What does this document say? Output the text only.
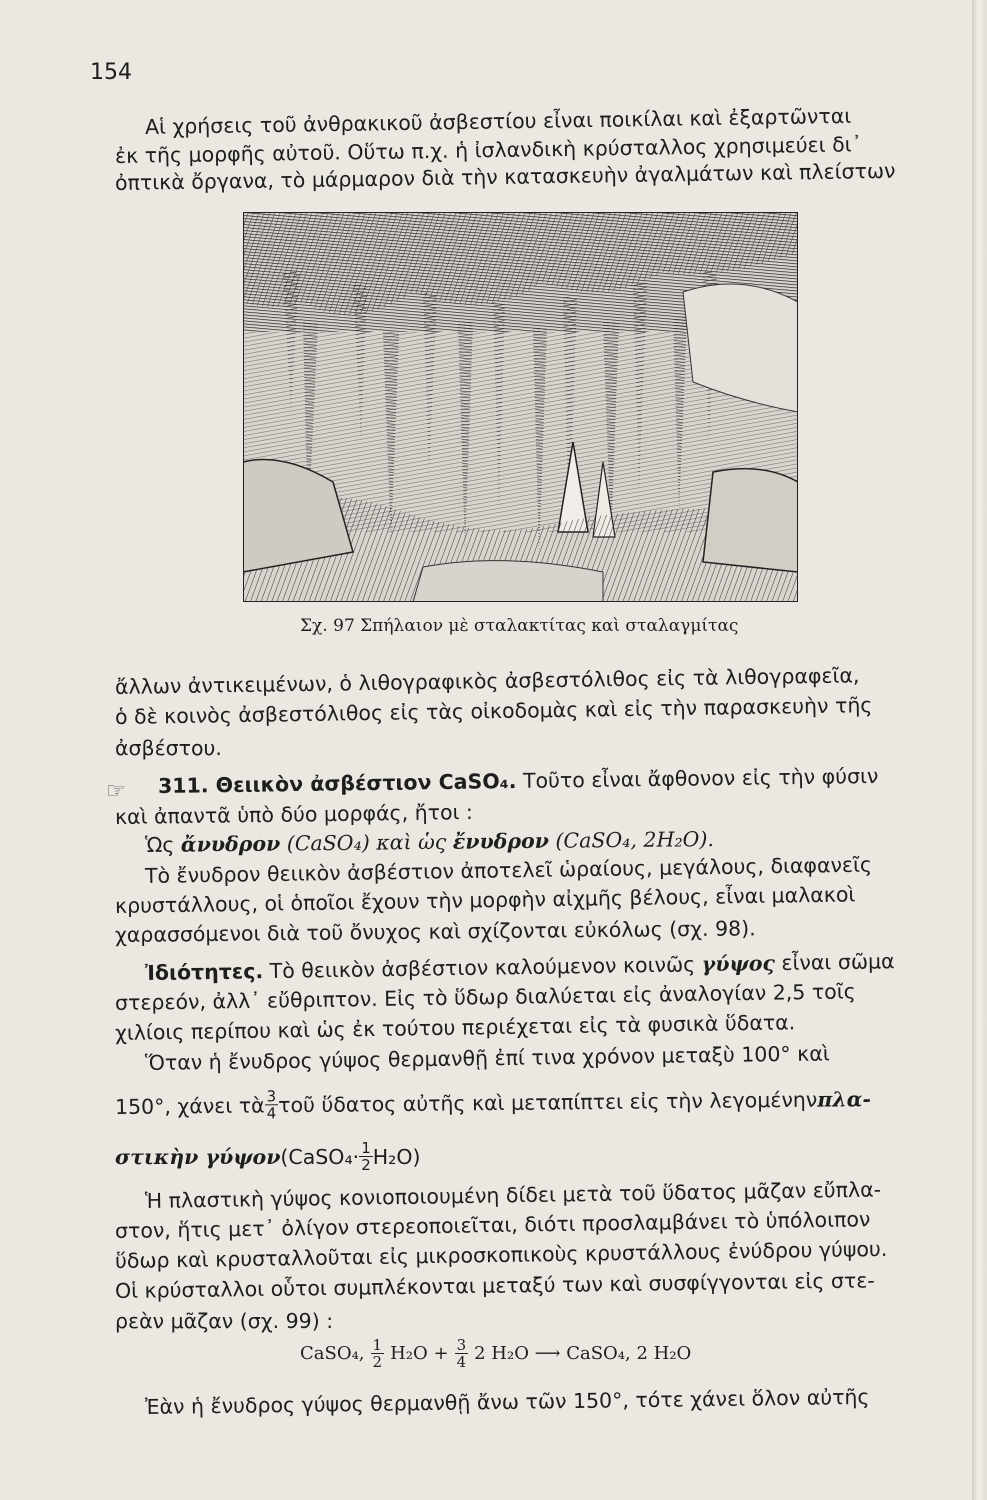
154
Αἱ χρήσεις τοῦ ἀνθρακικοῦ ἀσβεστίου εἶναι ποικίλαι καὶ ἐξαρτῶνται
ἐκ τῆς μορφῆς αὐτοῦ. Οὕτω π.χ. ἡ ἰσλανδικὴ κρύσταλλος χρησιμεύει δι᾽
ὀπτικὰ ὄργανα, τὸ μάρμαρον διὰ τὴν κατασκευὴν ἀγαλμάτων καὶ πλείστων
Σχ. 97 Σπήλαιον μὲ σταλακτίτας καὶ σταλαγμίτας
ἄλλων ἀντικειμένων, ὁ λιθογραφικὸς ἀσβεστόλιθος εἰς τὰ λιθογραφεῖα,
ὁ δὲ κοινὸς ἀσβεστόλιθος εἰς τὰς οἰκοδομὰς καὶ εἰς τὴν παρασκευὴν τῆς
ἀσβέστου.
☞ 311. Θειικὸν ἀσβέστιον CaSO₄. Τοῦτο εἶναι ἄφθονον εἰς τὴν φύσιν
καὶ ἀπαντᾶ ὑπὸ δύο μορφάς, ἤτοι :
Ὡς ἄνυδρον (CaSO₄) καὶ ὡς ἔνυδρον (CaSO₄, 2H₂O).
Τὸ ἔνυδρον θειικὸν ἀσβέστιον ἀποτελεῖ ὡραίους, μεγάλους, διαφανεῖς
κρυστάλλους, οἱ ὁποῖοι ἔχουν τὴν μορφὴν αἰχμῆς βέλους, εἶναι μαλακοὶ
χαρασσόμενοι διὰ τοῦ ὄνυχος καὶ σχίζονται εὐκόλως (σχ. 98).
Ἰδιότητες. Τὸ θειικὸν ἀσβέστιον καλούμενον κοινῶς γύψος εἶναι σῶμα
στερεόν, ἀλλ᾽ εὔθριπτον. Εἰς τὸ ὕδωρ διαλύεται εἰς ἀναλογίαν 2,5 τοῖς
χιλίοις περίπου καὶ ὡς ἐκ τούτου περιέχεται εἰς τὰ φυσικὰ ὕδατα.
Ὅταν ἡ ἔνυδρος γύψος θερμανθῇ ἐπί τινα χρόνον μεταξὺ 100° καὶ
150°, χάνει τὰ $\frac{3}{4}$ τοῦ ὕδατος αὐτῆς καὶ μεταπίπτει εἰς τὴν λεγομένην πλα-
στικὴν γύψον (CaSO₄· $\frac{1}{2} H_2O$)
Ἡ πλαστικὴ γύψος κονιοποιουμένη δίδει μετὰ τοῦ ὕδατος μᾶζαν εὔπλα-
στον, ἥτις μετ᾽ ὀλίγον στερεοποιεῖται, διότι προσλαμβάνει τὸ ὑπόλοιπον
ὕδωρ καὶ κρυσταλλοῦται εἰς μικροσκοπικοὺς κρυστάλλους ἐνύδρου γύψου.
Οἱ κρύσταλλοι οὗτοι συμπλέκονται μεταξύ των καὶ συσφίγγονται εἰς στε-
ρεὰν μᾶζαν (σχ. 99) :
CaSO₄, $\frac{1}{2} H_2O + \frac{3}{4} 2$ H₂O ⟶ CaSO₄, 2 H₂O
Ἐὰν ἡ ἔνυδρος γύψος θερμανθῇ ἄνω τῶν 150°, τότε χάνει ὅλον αὐτῆς
